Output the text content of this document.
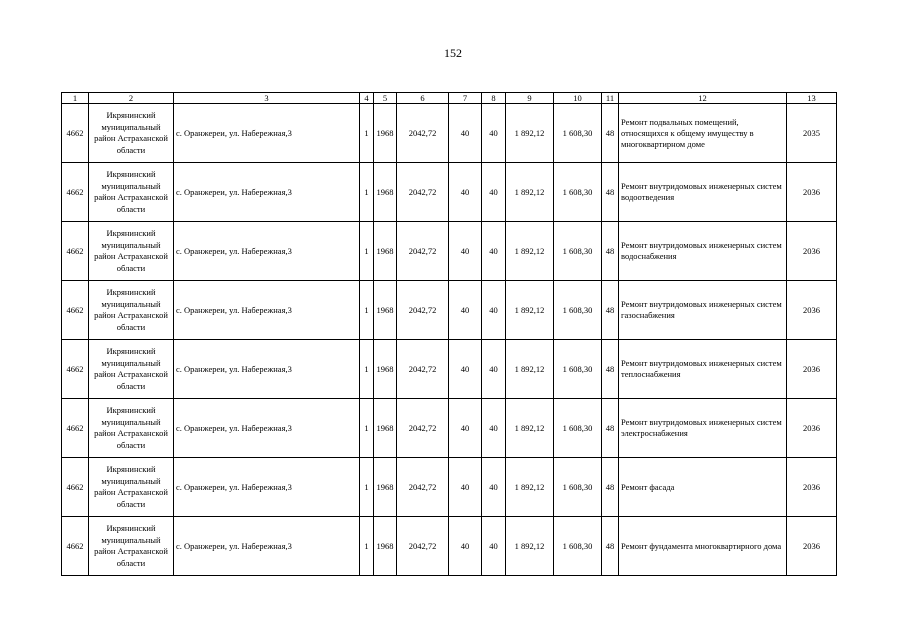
152
1	2	3	4	5	6	7	8	9	10	11	12	13
4662	Икрянинский муниципальный район Астраханской области	с. Оранжереи, ул. Набережная,3	1	1968	2042,72	40	40	1 892,12	1 608,30	48	Ремонт подвальных помещений, относящихся к общему имуществу в многоквартирном доме	2035
4662	Икрянинский муниципальный район Астраханской области	с. Оранжереи, ул. Набережная,3	1	1968	2042,72	40	40	1 892,12	1 608,30	48	Ремонт внутридомовых инженерных систем водоотведения	2036
4662	Икрянинский муниципальный район Астраханской области	с. Оранжереи, ул. Набережная,3	1	1968	2042,72	40	40	1 892,12	1 608,30	48	Ремонт внутридомовых инженерных систем водоснабжения	2036
4662	Икрянинский муниципальный район Астраханской области	с. Оранжереи, ул. Набережная,3	1	1968	2042,72	40	40	1 892,12	1 608,30	48	Ремонт внутридомовых инженерных систем газоснабжения	2036
4662	Икрянинский муниципальный район Астраханской области	с. Оранжереи, ул. Набережная,3	1	1968	2042,72	40	40	1 892,12	1 608,30	48	Ремонт внутридомовых инженерных систем теплоснабжения	2036
4662	Икрянинский муниципальный район Астраханской области	с. Оранжереи, ул. Набережная,3	1	1968	2042,72	40	40	1 892,12	1 608,30	48	Ремонт внутридомовых инженерных систем электроснабжения	2036
4662	Икрянинский муниципальный район Астраханской области	с. Оранжереи, ул. Набережная,3	1	1968	2042,72	40	40	1 892,12	1 608,30	48	Ремонт фасада	2036
4662	Икрянинский муниципальный район Астраханской области	с. Оранжереи, ул. Набережная,3	1	1968	2042,72	40	40	1 892,12	1 608,30	48	Ремонт фундамента многоквартирного дома	2036
